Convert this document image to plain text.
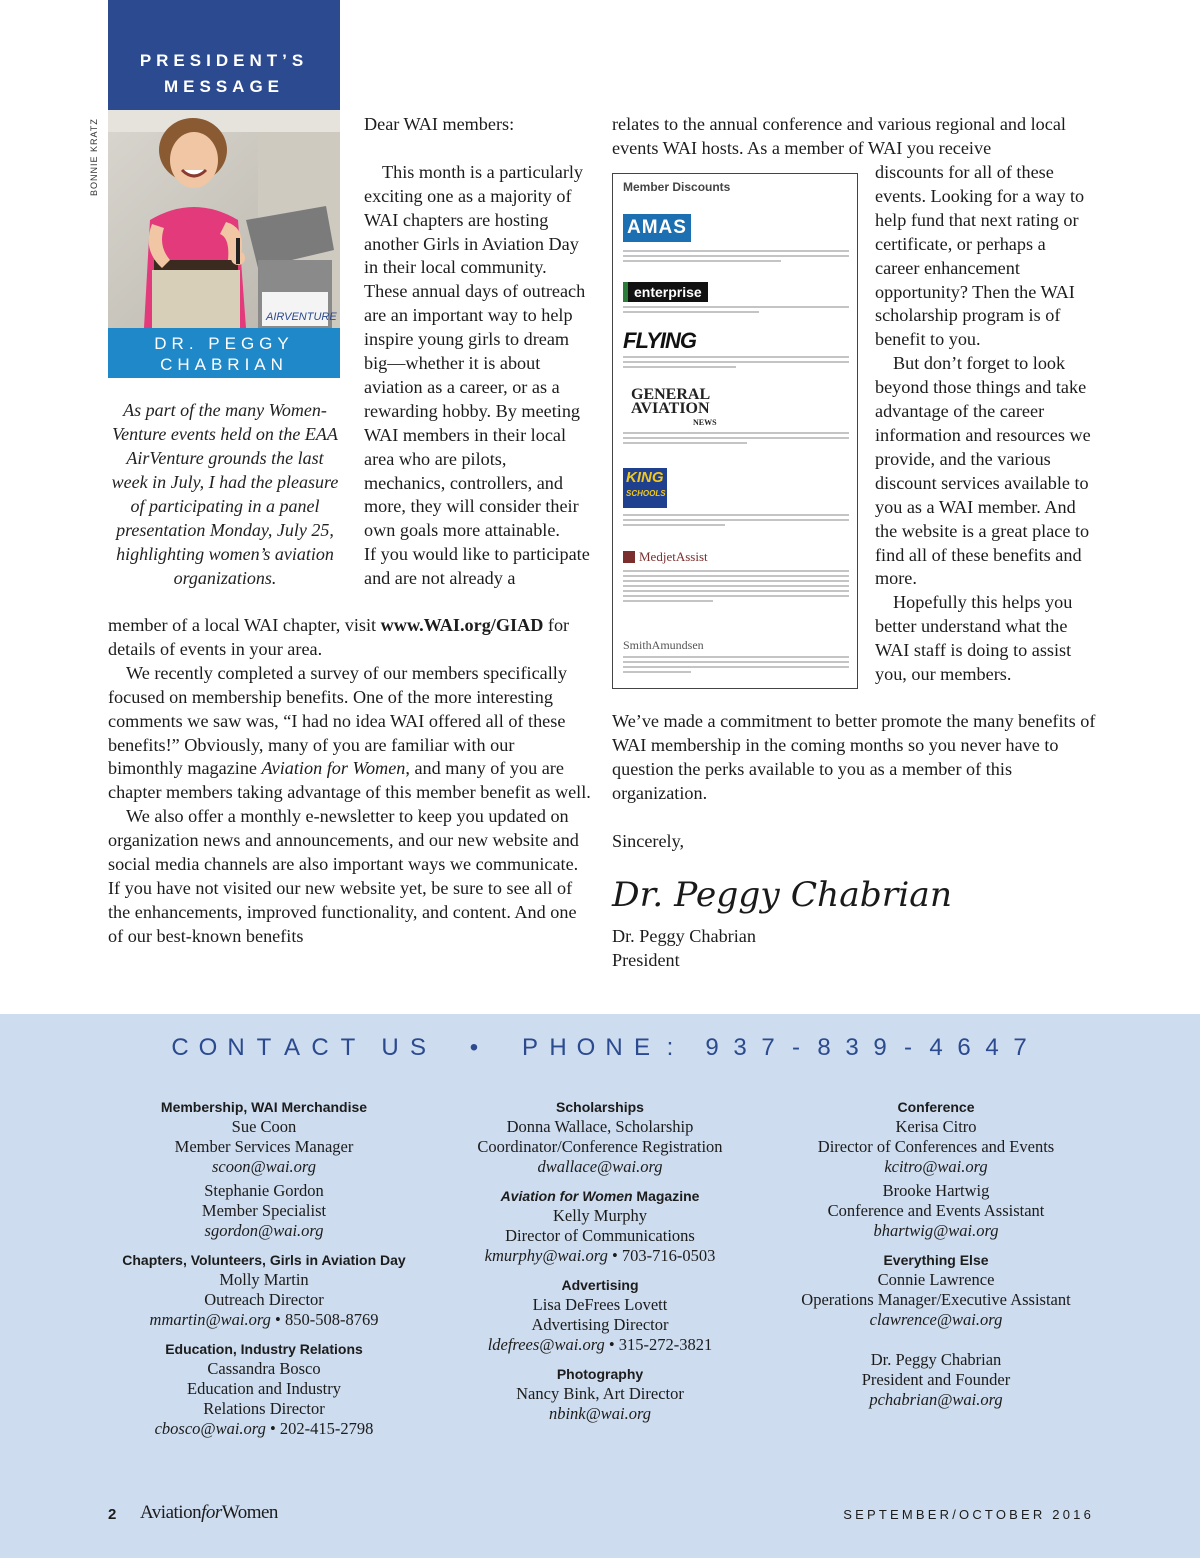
PRESIDENT’S
MESSAGE
AIRVENTURE
DR. PEGGY
CHABRIAN
BONNIE KRATZ
As part of the many Women-Venture events held on the EAA AirVenture grounds the last week in July, I had the pleasure of participating in a panel presentation Monday, July 25, highlighting women’s aviation organizations.

Dear WAI members:

This month is a particularly exciting one as a majority of WAI chapters are hosting another Girls in Aviation Day in their local community. These annual days of outreach are an important way to help inspire young girls to dream big—whether it is about aviation as a career, or as a rewarding hobby. By meeting WAI members in their local area who are pilots, mechanics, controllers, and more, they will consider their own goals more attainable.

If you would like to participate and are not already a

member of a local WAI chapter, visit www.WAI.org/GIAD for details of events in your area.

We recently completed a survey of our members specifically focused on membership benefits. One of the more interesting comments we saw was, “I had no idea WAI offered all of these benefits!” Obviously, many of you are familiar with our bimonthly magazine Aviation for Women, and many of you are chapter members taking advantage of this member benefit as well.

We also offer a monthly e-newsletter to keep you updated on organization news and announcements, and our new website and social media channels are also important ways we communicate. If you have not visited our new website yet, be sure to see all of the enhancements, improved functionality, and content. And one of our best-known benefits

relates to the annual conference and various regional and local events WAI hosts. As a member of WAI you receive

discounts for all of these events. Looking for a way to help fund that next rating or certificate, or perhaps a career enhancement opportunity? Then the WAI scholarship program is of benefit to you.

But don’t forget to look beyond those things and take advantage of the career information and resources we provide, and the various discount services available to you as a WAI member. And the website is a great place to find all of these benefits and more.

Hopefully this helps you better understand what the WAI staff is doing to assist you, our members.

We’ve made a commitment to better promote the many benefits of WAI membership in the coming months so you never have to question the perks available to you as a member of this organization.

Sincerely,

Member Discounts
AMAS
enterprise
FLYING
GENERAL
AVIATION
NEWS
KING
SCHOOLS
MedjetAssist
SmithAmundsen
Dr. Peggy Chabrian

Dr. Peggy Chabrian

President

C O N T A C T U S • P H O N E : 9 3 7 - 8 3 9 - 4 6 4 7
Membership, WAI Merchandise
Sue Coon
Member Services Manager
scoon@wai.org
Stephanie Gordon
Member Specialist
sgordon@wai.org
Chapters, Volunteers, Girls in Aviation Day
Molly Martin
Outreach Director
mmartin@wai.org • 850-508-8769
Education, Industry Relations
Cassandra Bosco
Education and Industry
Relations Director
cbosco@wai.org • 202-415-2798
Scholarships
Donna Wallace, Scholarship
Coordinator/Conference Registration
dwallace@wai.org
Aviation for Women Magazine
Kelly Murphy
Director of Communications
kmurphy@wai.org • 703-716-0503
Advertising
Lisa DeFrees Lovett
Advertising Director
ldefrees@wai.org • 315-272-3821
Photography
Nancy Bink, Art Director
nbink@wai.org
Conference
Kerisa Citro
Director of Conferences and Events
kcitro@wai.org
Brooke Hartwig
Conference and Events Assistant
bhartwig@wai.org
Everything Else
Connie Lawrence
Operations Manager/Executive Assistant
clawrence@wai.org
Dr. Peggy Chabrian
President and Founder
pchabrian@wai.org
2 AviationforWomen	SEPTEMBER/OCTOBER 2016
